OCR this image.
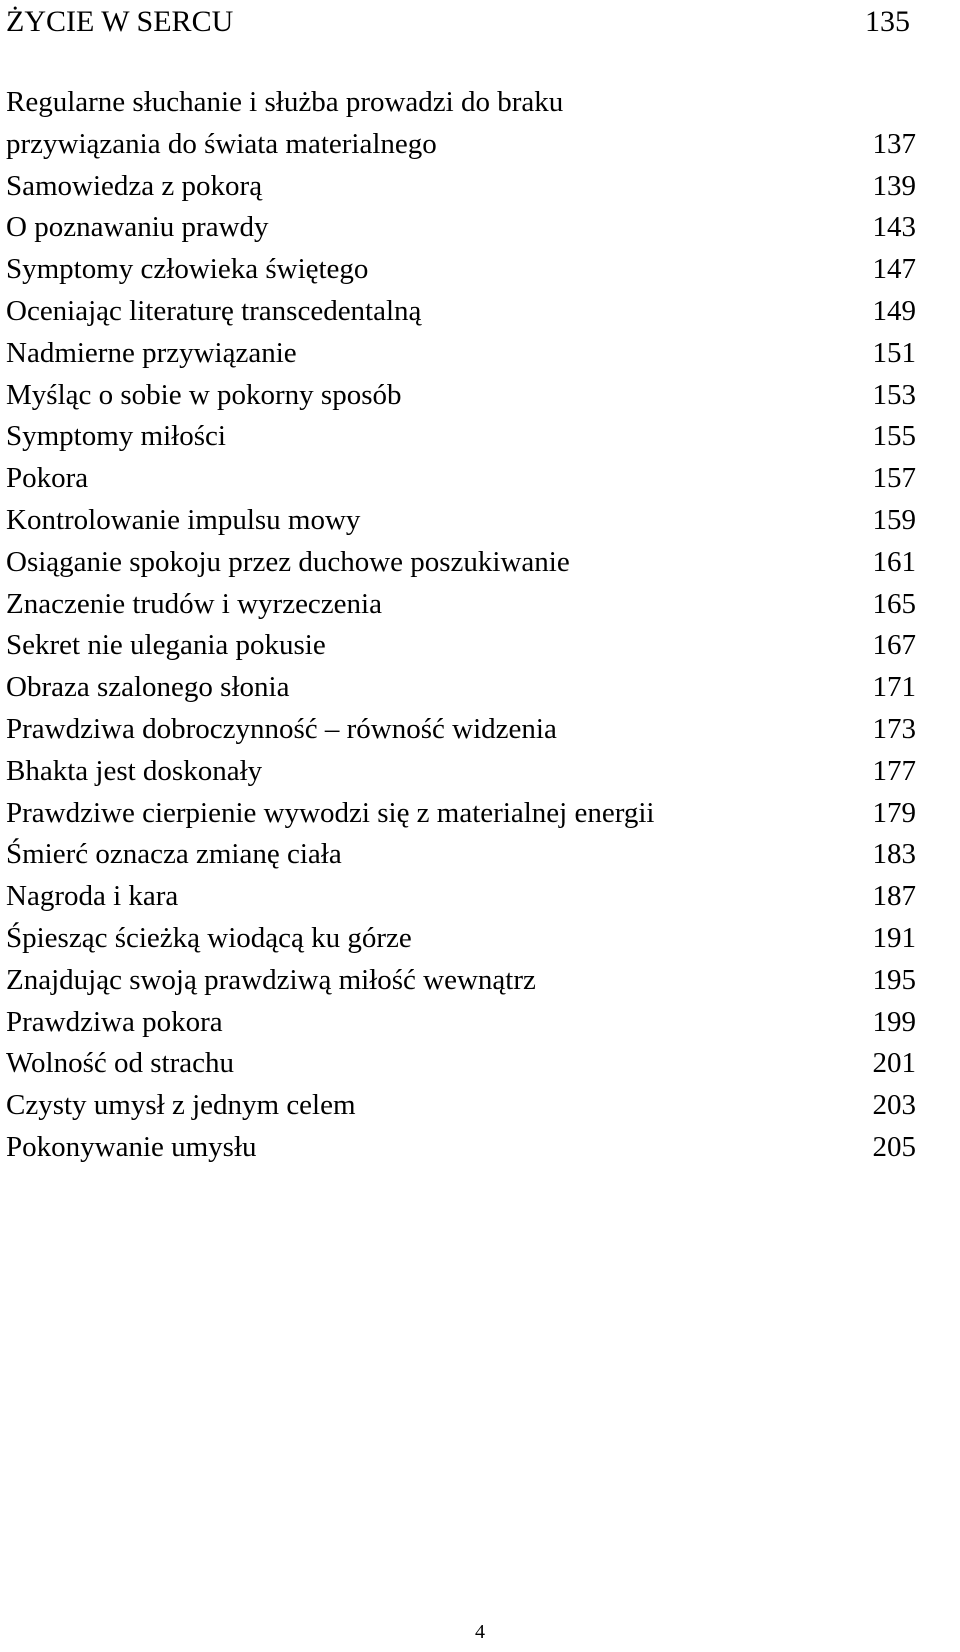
ŻYCIE W SERCU	135
Regularne słuchanie i służba prowadzi do braku
przywiązania do świata materialnego	137
Samowiedza z pokorą	139
O poznawaniu prawdy	143
Symptomy człowieka świętego	147
Oceniając literaturę transcedentalną	149
Nadmierne przywiązanie	151
Myśląc o sobie w pokorny sposób	153
Symptomy miłości	155
Pokora	157
Kontrolowanie impulsu mowy	159
Osiąganie spokoju przez duchowe poszukiwanie	161
Znaczenie trudów i wyrzeczenia	165
Sekret nie ulegania pokusie	167
Obraza szalonego słonia	171
Prawdziwa dobroczynność – równość widzenia	173
Bhakta jest doskonały	177
Prawdziwe cierpienie wywodzi się z materialnej energii	179
Śmierć oznacza zmianę ciała	183
Nagroda i kara	187
Śpiesząc ścieżką wiodącą ku górze	191
Znajdując swoją prawdziwą miłość wewnątrz	195
Prawdziwa pokora	199
Wolność od strachu	201
Czysty umysł z jednym celem	203
Pokonywanie umysłu	205
4
